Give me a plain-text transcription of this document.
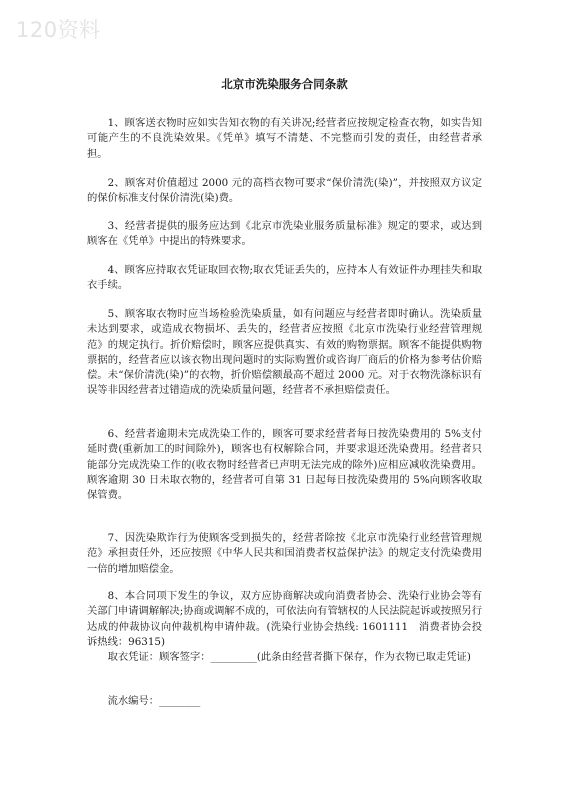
120资料
北京市洗染服务合同条款

1、顾客送衣物时应如实告知衣物的有关讲况;经营者应按规定检查衣物，如实告知可能产生的不良洗染效果。《凭单》填写不清楚、不完整而引发的责任，由经营者承担。

2、顾客对价值超过 2000 元的高档衣物可要求“保价清洗(染)”，并按照双方议定的保价标准支付保价清洗(染)费。

3、经营者提供的服务应达到《北京市洗染业服务质量标准》规定的要求，或达到顾客在《凭单》中提出的特殊要求。

4、顾客应持取衣凭证取回衣物;取衣凭证丢失的，应持本人有效证件办理挂失和取衣手续。

5、顾客取衣物时应当场检验洗染质量，如有问题应与经营者即时确认。洗染质量未达到要求，或造成衣物损坏、丢失的，经营者应按照《北京市洗染行业经营管理规范》的规定执行。折价赔偿时，顾客应提供真实、有效的购物票据。顾客不能提供购物票据的，经营者应以该衣物出现问题时的实际购置价或咨询厂商后的价格为参考估价赔偿。未“保价清洗(染)”的衣物，折价赔偿额最高不超过 2000 元。对于衣物洗涤标识有误等非因经营者过错造成的洗染质量问题，经营者不承担赔偿责任。

6、经营者逾期未完成洗染工作的，顾客可要求经营者每日按洗染费用的 5%支付延时费(重新加工的时间除外)，顾客也有权解除合同，并要求退还洗染费用。经营者只能部分完成洗染工作的(收衣物时经营者已声明无法完成的除外)应相应减收洗染费用。顾客逾期 30 日未取衣物的，经营者可自第 31 日起每日按洗染费用的 5%向顾客收取保管费。

7、因洗染欺诈行为使顾客受到损失的，经营者除按《北京市洗染行业经营管理规范》承担责任外，还应按照《中华人民共和国消费者权益保护法》的规定支付洗染费用一倍的增加赔偿金。

8、本合同项下发生的争议，双方应协商解决或向消费者协会、洗染行业协会等有关部门申请调解解决;协商或调解不成的，可依法向有管辖权的人民法院起诉或按照另行达成的仲裁协议向仲裁机构申请仲裁。(洗染行业协会热线: 1601111　消费者协会投诉热线：96315)

取衣凭证：顾客签字：_________(此条由经营者撕下保存，作为衣物已取走凭证)

流水编号：________
